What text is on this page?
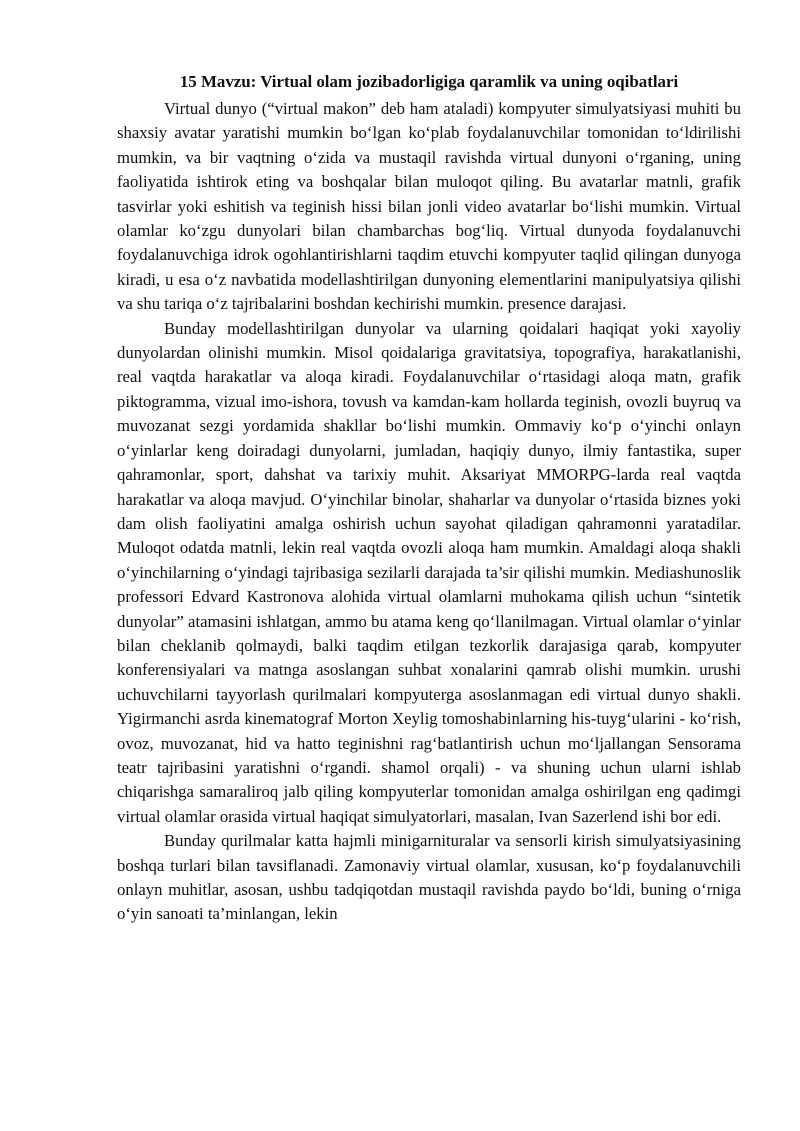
15 Mavzu: Virtual olam jozibadorligiga qaramlik va uning oqibatlari

Virtual dunyo (“virtual makon” deb ham ataladi) kompyuter simulyatsiyasi muhiti bu shaxsiy avatar yaratishi mumkin bo‘lgan ko‘plab foydalanuvchilar tomonidan to‘ldirilishi mumkin, va bir vaqtning o‘zida va mustaqil ravishda virtual dunyoni o‘rganing, uning faoliyatida ishtirok eting va boshqalar bilan muloqot qiling. Bu avatarlar matnli, grafik tasvirlar yoki eshitish va teginish hissi bilan jonli video avatarlar bo‘lishi mumkin. Virtual olamlar ko‘zgu dunyolari bilan chambarchas bog‘liq. Virtual dunyoda foydalanuvchi foydalanuvchiga idrok ogohlantirishlarni taqdim etuvchi kompyuter taqlid qilingan dunyoga kiradi, u esa o‘z navbatida modellashtirilgan dunyoning elementlarini manipulyatsiya qilishi va shu tariqa o‘z tajribalarini boshdan kechirishi mumkin. presence darajasi.

Bunday modellashtirilgan dunyolar va ularning qoidalari haqiqat yoki xayoliy dunyolardan olinishi mumkin. Misol qoidalariga gravitatsiya, topografiya, harakatlanishi, real vaqtda harakatlar va aloqa kiradi. Foydalanuvchilar o‘rtasidagi aloqa matn, grafik piktogramma, vizual imo-ishora, tovush va kamdan-kam hollarda teginish, ovozli buyruq va muvozanat sezgi yordamida shakllar bo‘lishi mumkin. Ommaviy ko‘p o‘yinchi onlayn o‘yinlarlar keng doiradagi dunyolarni, jumladan, haqiqiy dunyo, ilmiy fantastika, super qahramonlar, sport, dahshat va tarixiy muhit. Aksariyat MMORPG-larda real vaqtda harakatlar va aloqa mavjud. O‘yinchilar binolar, shaharlar va dunyolar o‘rtasida biznes yoki dam olish faoliyatini amalga oshirish uchun sayohat qiladigan qahramonni yaratadilar. Muloqot odatda matnli, lekin real vaqtda ovozli aloqa ham mumkin. Amaldagi aloqa shakli o‘yinchilarning o‘yindagi tajribasiga sezilarli darajada ta’sir qilishi mumkin. Mediashunoslik professori Edvard Kastronova alohida virtual olamlarni muhokama qilish uchun “sintetik dunyolar” atamasini ishlatgan, ammo bu atama keng qo‘llanilmagan. Virtual olamlar o‘yinlar bilan cheklanib qolmaydi, balki taqdim etilgan tezkorlik darajasiga qarab, kompyuter konferensiyalari va matnga asoslangan suhbat xonalarini qamrab olishi mumkin. urushi uchuvchilarni tayyorlash qurilmalari kompyuterga asoslanmagan edi virtual dunyo shakli. Yigirmanchi asrda kinematograf Morton Xeylig tomoshabinlarning his-tuyg‘ularini - ko‘rish, ovoz, muvozanat, hid va hatto teginishni rag‘batlantirish uchun mo‘ljallangan Sensorama teatr tajribasini yaratishni o‘rgandi. shamol orqali) - va shuning uchun ularni ishlab chiqarishga samaraliroq jalb qiling kompyuterlar tomonidan amalga oshirilgan eng qadimgi virtual olamlar orasida virtual haqiqat simulyatorlari, masalan, Ivan Sazerlend ishi bor edi.

Bunday qurilmalar katta hajmli minigarnituralar va sensorli kirish simulyatsiyasining boshqa turlari bilan tavsiflanadi. Zamonaviy virtual olamlar, xususan, ko‘p foydalanuvchili onlayn muhitlar, asosan, ushbu tadqiqotdan mustaqil ravishda paydo bo‘ldi, buning o‘rniga o‘yin sanoati ta’minlangan, lekin
